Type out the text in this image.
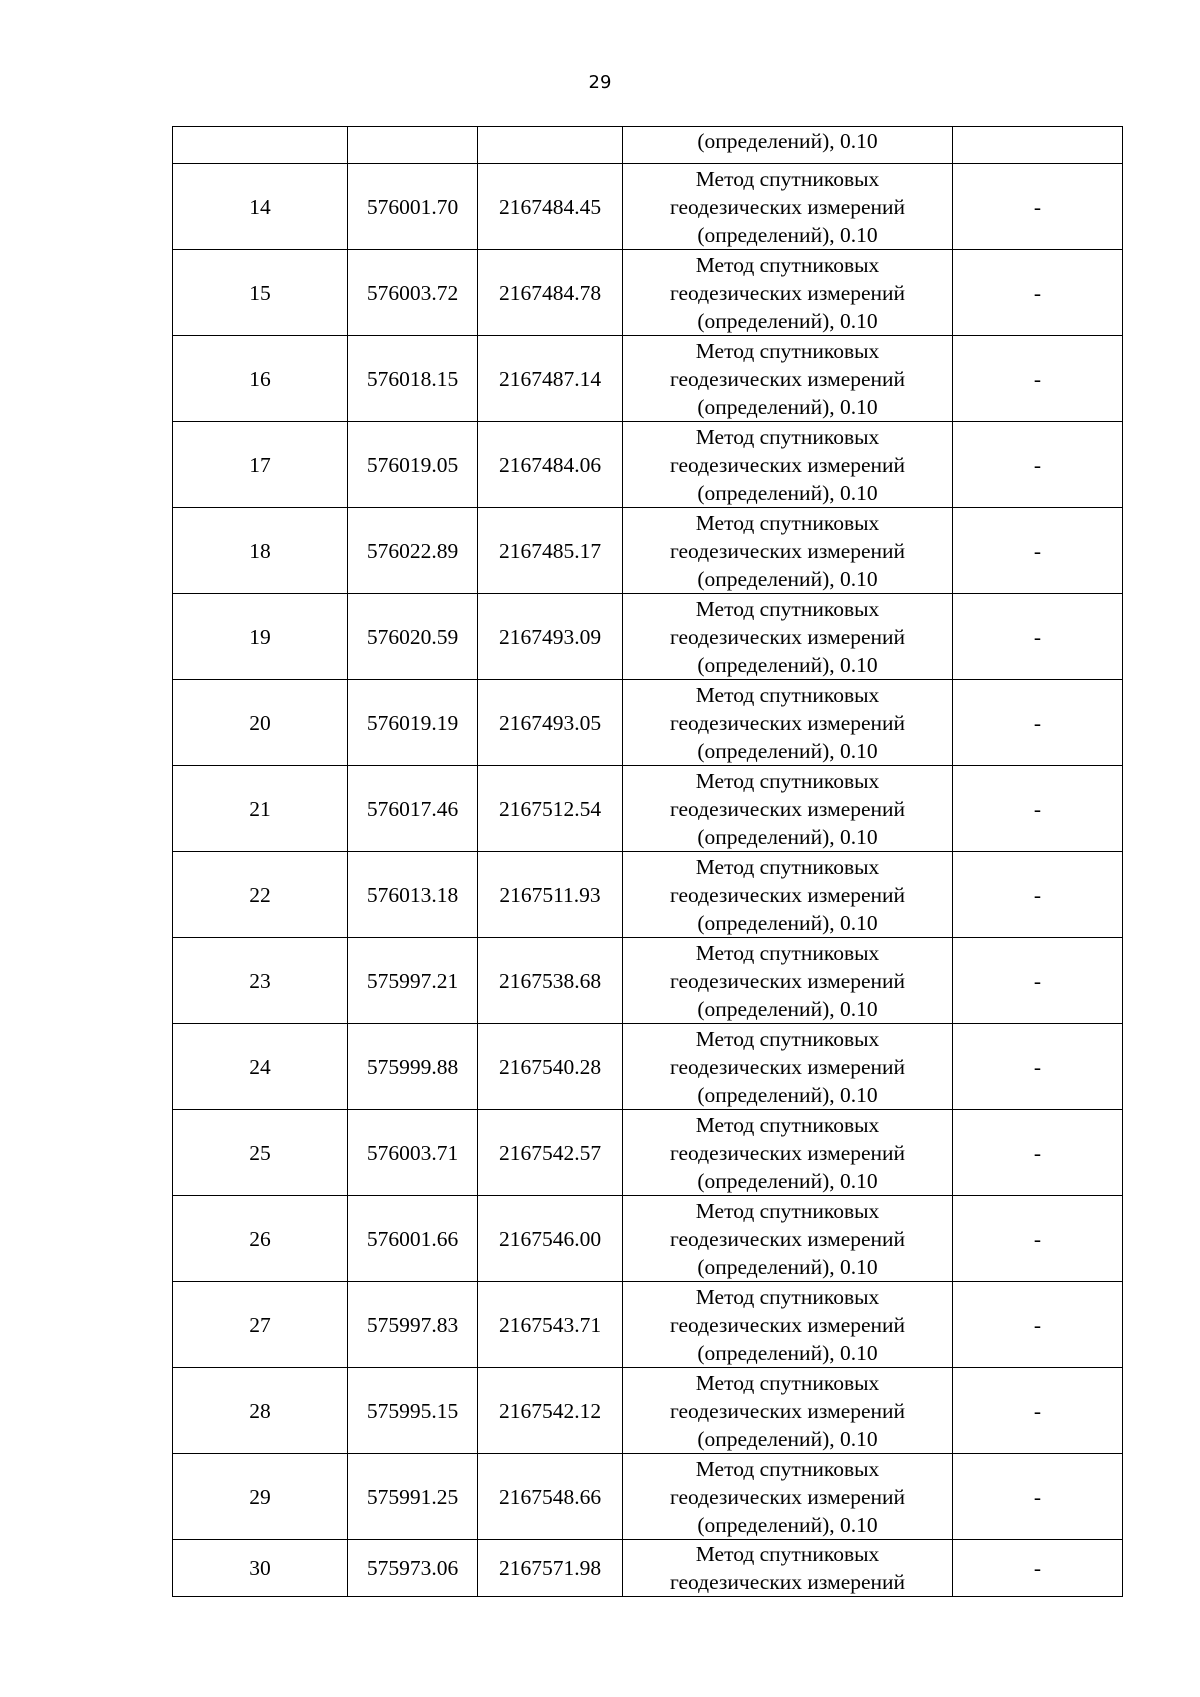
29

			(определений), 0.10	

14	576001.70	2167484.45	Метод спутниковых
геодезических измерений
(определений), 0.10	-
15	576003.72	2167484.78	Метод спутниковых
геодезических измерений
(определений), 0.10	-
16	576018.15	2167487.14	Метод спутниковых
геодезических измерений
(определений), 0.10	-
17	576019.05	2167484.06	Метод спутниковых
геодезических измерений
(определений), 0.10	-
18	576022.89	2167485.17	Метод спутниковых
геодезических измерений
(определений), 0.10	-
19	576020.59	2167493.09	Метод спутниковых
геодезических измерений
(определений), 0.10	-
20	576019.19	2167493.05	Метод спутниковых
геодезических измерений
(определений), 0.10	-
21	576017.46	2167512.54	Метод спутниковых
геодезических измерений
(определений), 0.10	-
22	576013.18	2167511.93	Метод спутниковых
геодезических измерений
(определений), 0.10	-
23	575997.21	2167538.68	Метод спутниковых
геодезических измерений
(определений), 0.10	-
24	575999.88	2167540.28	Метод спутниковых
геодезических измерений
(определений), 0.10	-
25	576003.71	2167542.57	Метод спутниковых
геодезических измерений
(определений), 0.10	-
26	576001.66	2167546.00	Метод спутниковых
геодезических измерений
(определений), 0.10	-
27	575997.83	2167543.71	Метод спутниковых
геодезических измерений
(определений), 0.10	-
28	575995.15	2167542.12	Метод спутниковых
геодезических измерений
(определений), 0.10	-
29	575991.25	2167548.66	Метод спутниковых
геодезических измерений
(определений), 0.10	-
30	575973.06	2167571.98	Метод спутниковых
геодезических измерений	-
